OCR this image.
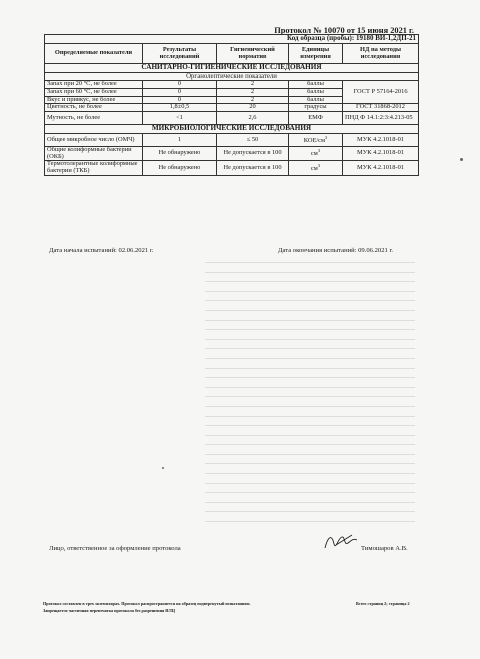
Протокол № 10070 от 15 июня 2021 г.
Код образца (пробы): 19180 ВИ-1,2ДП-21				
Определяемые показатели	Результаты исследований	Гигиенический норматив	Единицы измерения	НД на методы исследования
САНИТАРНО-ГИГИЕНИЧЕСКИЕ ИССЛЕДОВАНИЯ				
Органолептические показатели				
Запах при 20 °С, не более	0	2	баллы	ГОСТ Р 57164-2016
Запах при 60 °С, не более	0	2	баллы	
Вкус и привкус, не более	0	2	баллы	
Цветность, не более	1,8±0,5	20	градусы	ГОСТ 31868-2012
Мутность, не более	<1	2,6	ЕМФ	ПНД Ф 14.1:2:3:4.213-05
МИКРОБИОЛОГИЧЕСКИЕ ИССЛЕДОВАНИЯ				
Общее микробное число (ОМЧ)	1	≤ 50	КОЕ/$см^3$	МУК 4.2.1018-01
Общие колиформные бактерии (ОКБ)	Не обнаружено	Не допускается в 100	$см^3$	МУК 4.2.1018-01
Термотолерантные колиформные бактерии (ТКБ)	Не обнаружено	Не допускается в 100	$см^3$	МУК 4.2.1018-01
Дата начала испытаний: 02.06.2021 г.	Дата окончания испытаний: 09.06.2021 г.
Лицо, ответственное за оформление протокола	Тимошаров А.В.
Протокол составлен в трех экземплярах. Протокол распространяется на образец подвергнутый испытаниям.
Запрещается частичная перепечатка протокола без разрешения ИЛЦ
Всего страниц 2; страница 2
